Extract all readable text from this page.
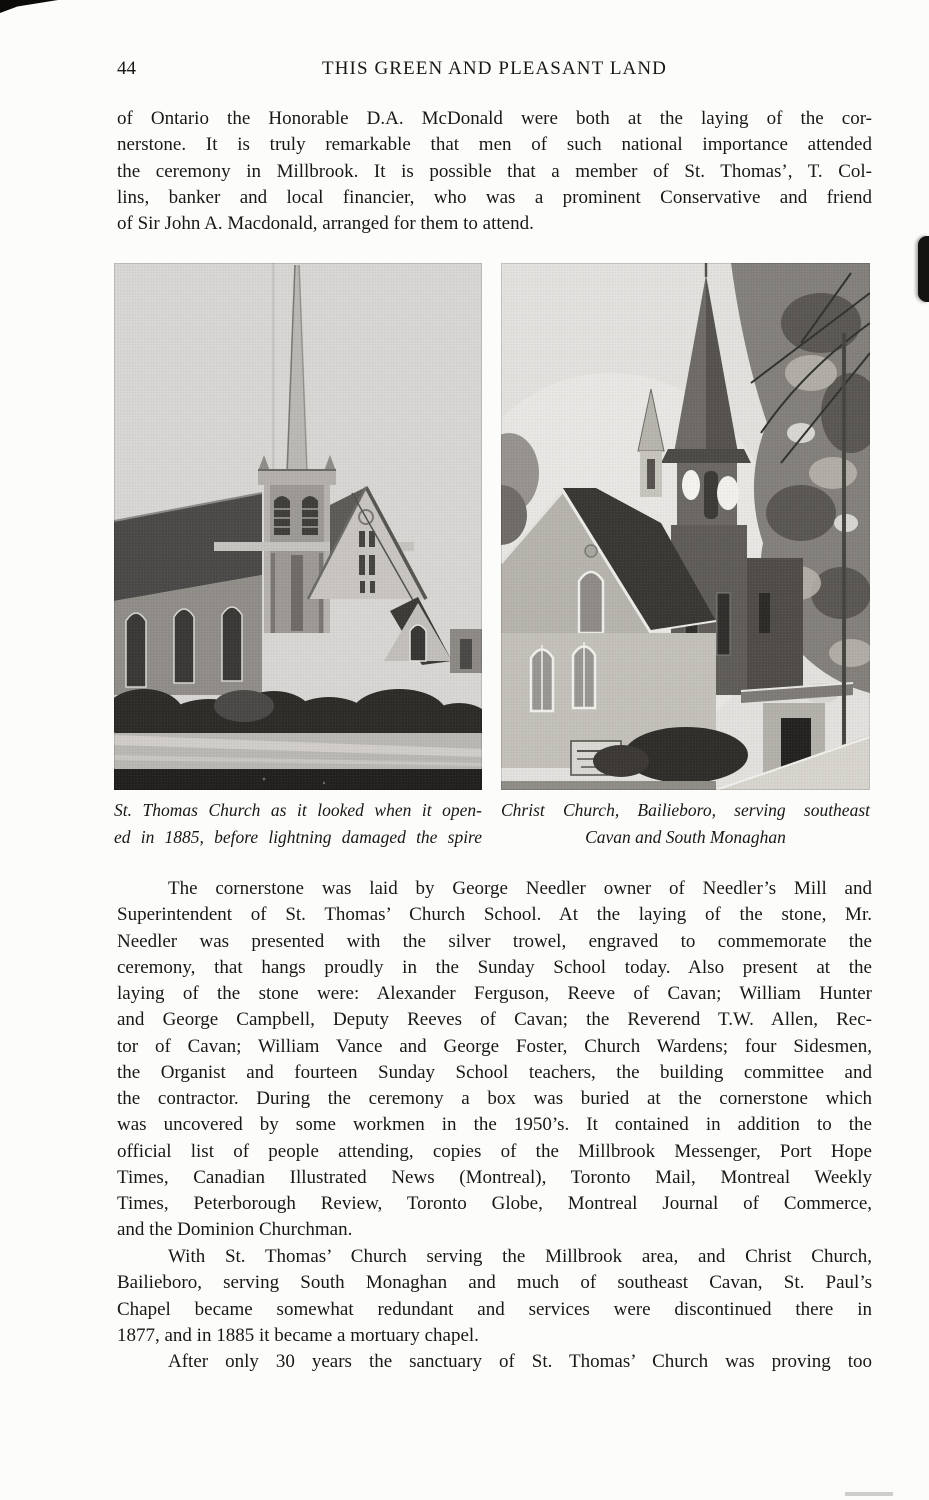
44	THIS GREEN AND PLEASANT LAND
of Ontario the Honorable D.A. McDonald were both at the laying of the cor-
nerstone. It is truly remarkable that men of such national importance attended
the ceremony in Millbrook. It is possible that a member of St. Thomas’, T. Col-
lins, banker and local financier, who was a prominent Conservative and friend
of Sir John A. Macdonald, arranged for them to attend.
St. Thomas Church as it looked when it open-
ed in 1885, before lightning damaged the spire
Christ Church, Bailieboro, serving southeast
Cavan and South Monaghan
The cornerstone was laid by George Needler owner of Needler’s Mill and
Superintendent of St. Thomas’ Church School. At the laying of the stone, Mr.
Needler was presented with the silver trowel, engraved to commemorate the
ceremony, that hangs proudly in the Sunday School today. Also present at the
laying of the stone were: Alexander Ferguson, Reeve of Cavan; William Hunter
and George Campbell, Deputy Reeves of Cavan; the Reverend T.W. Allen, Rec-
tor of Cavan; William Vance and George Foster, Church Wardens; four Sidesmen,
the Organist and fourteen Sunday School teachers, the building committee and
the contractor. During the ceremony a box was buried at the cornerstone which
was uncovered by some workmen in the 1950’s. It contained in addition to the
official list of people attending, copies of the Millbrook Messenger, Port Hope
Times, Canadian Illustrated News (Montreal), Toronto Mail, Montreal Weekly
Times, Peterborough Review, Toronto Globe, Montreal Journal of Commerce,
and the Dominion Churchman.
With St. Thomas’ Church serving the Millbrook area, and Christ Church,
Bailieboro, serving South Monaghan and much of southeast Cavan, St. Paul’s
Chapel became somewhat redundant and services were discontinued there in
1877, and in 1885 it became a mortuary chapel.
After only 30 years the sanctuary of St. Thomas’ Church was proving too
